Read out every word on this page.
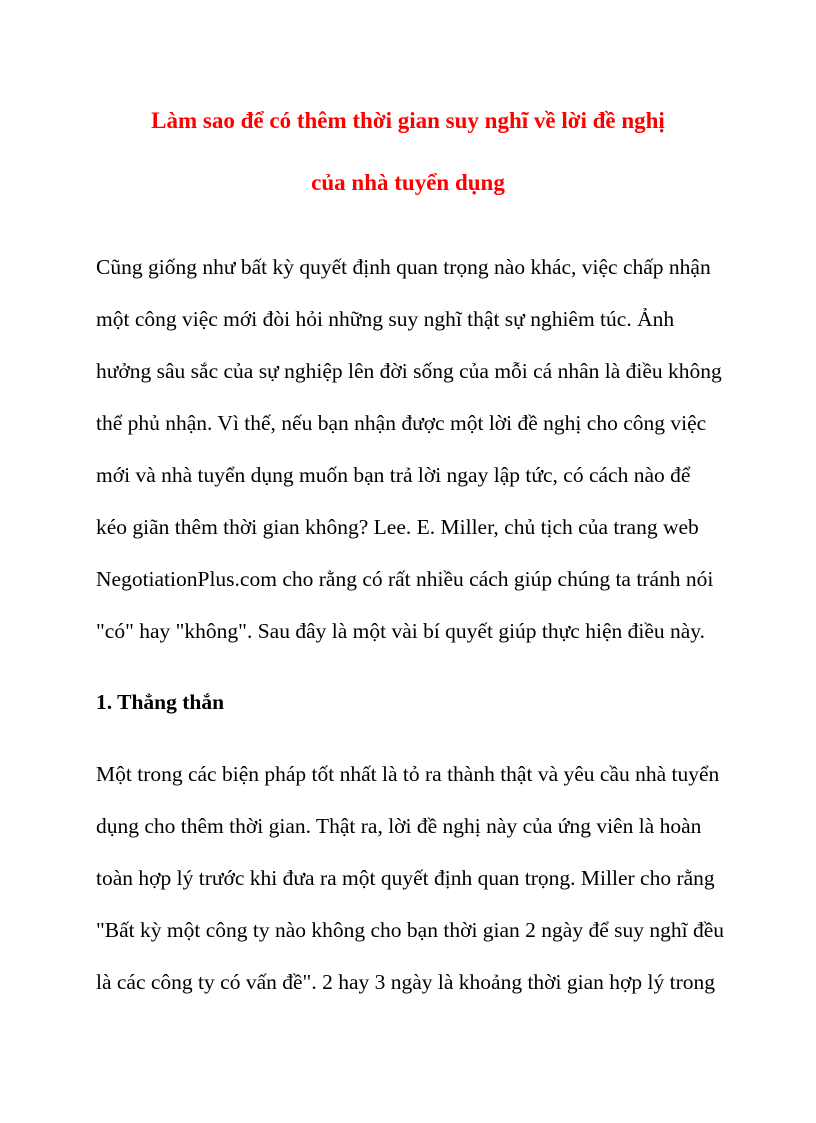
Làm sao để có thêm thời gian suy nghĩ về lời đề nghị
của nhà tuyển dụng

Cũng giống như bất kỳ quyết định quan trọng nào khác, việc chấp nhận

một công việc mới đòi hỏi những suy nghĩ thật sự nghiêm túc. Ảnh

hưởng sâu sắc của sự nghiệp lên đời sống của mỗi cá nhân là điều không

thể phủ nhận. Vì thế, nếu bạn nhận được một lời đề nghị cho công việc

mới và nhà tuyển dụng muốn bạn trả lời ngay lập tức, có cách nào để

kéo giãn thêm thời gian không? Lee. E. Miller, chủ tịch của trang web

NegotiationPlus.com cho rằng có rất nhiều cách giúp chúng ta tránh nói

"có" hay "không". Sau đây là một vài bí quyết giúp thực hiện điều này.

1. Thẳng thắn

Một trong các biện pháp tốt nhất là tỏ ra thành thật và yêu cầu nhà tuyển

dụng cho thêm thời gian. Thật ra, lời đề nghị này của ứng viên là hoàn

toàn hợp lý trước khi đưa ra một quyết định quan trọng. Miller cho rằng

"Bất kỳ một công ty nào không cho bạn thời gian 2 ngày để suy nghĩ đều

là các công ty có vấn đề". 2 hay 3 ngày là khoảng thời gian hợp lý trong
